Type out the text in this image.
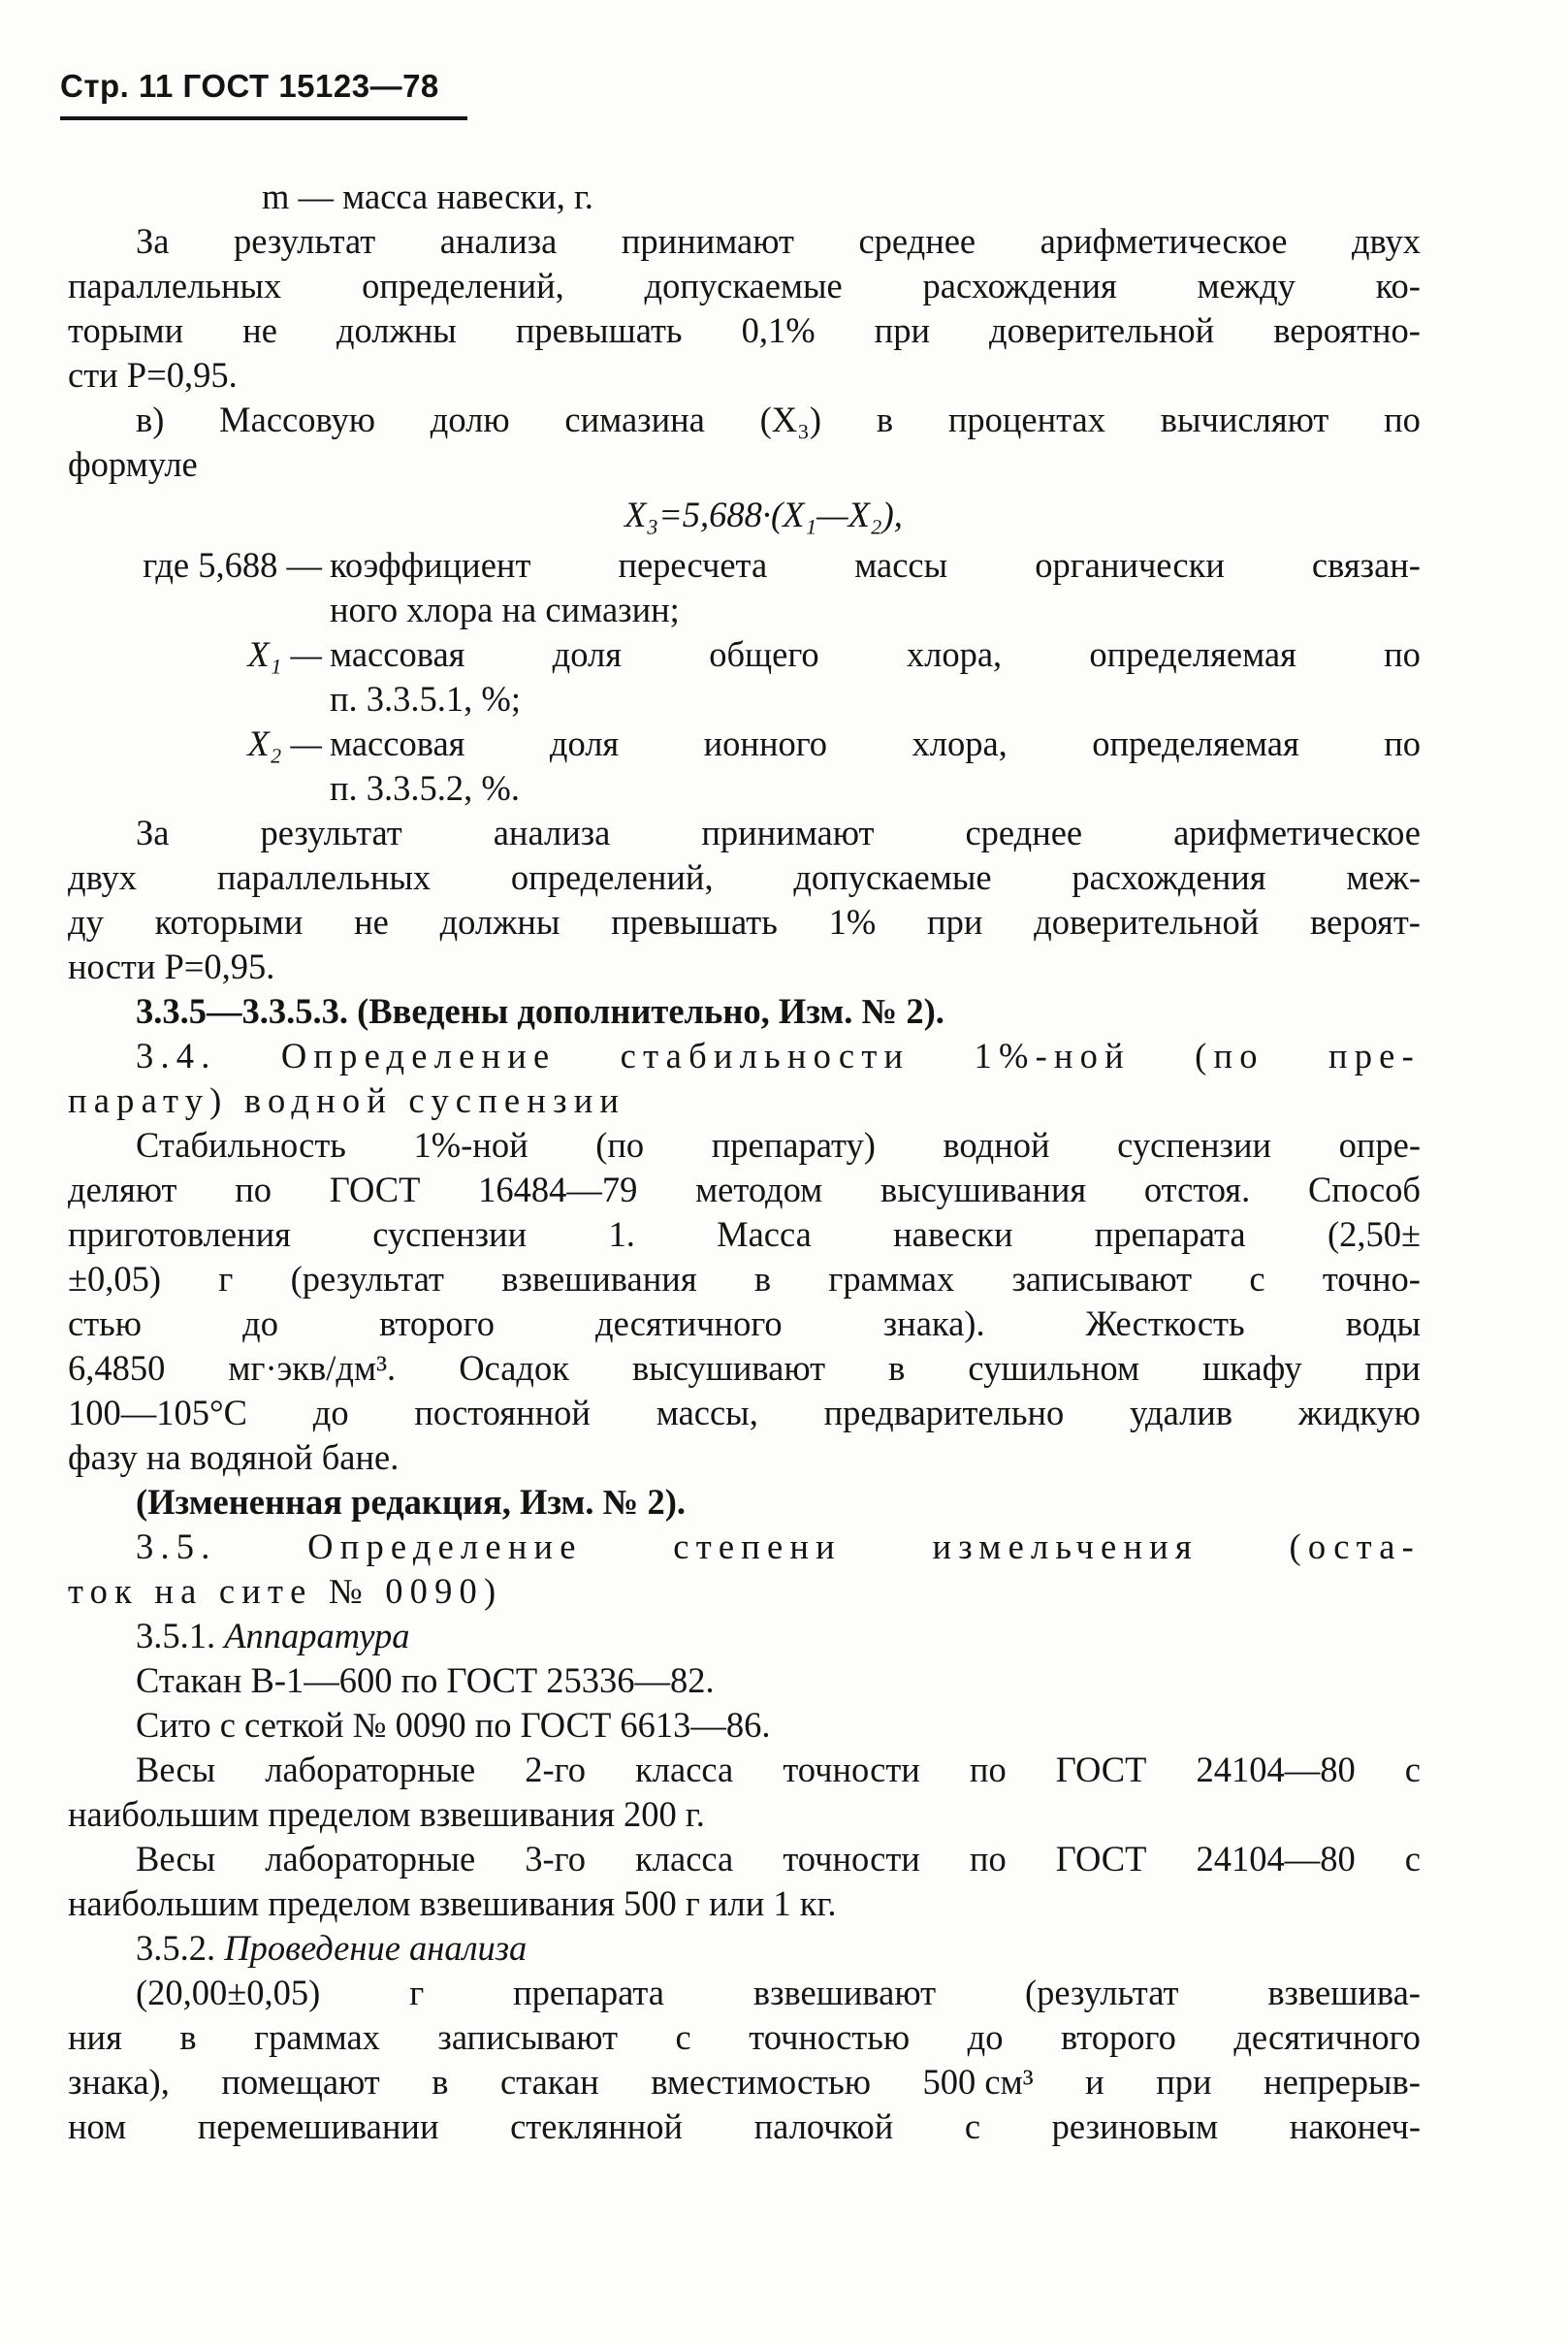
Стр. 11 ГОСТ 15123—78
m — масса навески, г.
За результат анализа принимают среднее арифметическое двух
параллельных определений, допускаемые расхождения между ко-
торыми не должны превышать 0,1% при доверительной вероятно-
сти P=0,95.
в) Массовую долю симазина (X₃) в процентах вычисляют по
формуле
X₃=5,688·(X₁—X₂),
где 5,688 — коэффициент пересчета массы органически связан-
ного хлора на симазин;
X₁ — массовая доля общего хлора, определяемая по
п. 3.3.5.1, %;
X₂ — массовая доля ионного хлора, определяемая по
п. 3.3.5.2, %.
За	результат	анализа	принимают	среднее	арифметическое
двух параллельных определений, допускаемые расхождения меж-
ду которыми не должны превышать 1% при доверительной вероят-
ности P=0,95.
3.3.5—3.3.5.3. (Введены дополнительно, Изм. № 2).
3.4. Определение стабильности 1%-ной (по пре-
парату) водной суспензии
Стабильность 1%-ной (по препарату) водной суспензии опре-
деляют по ГОСТ 16484—79 методом высушивания отстоя. Способ
приготовления суспензии 1. Масса навески препарата (2,50±
±0,05) г (результат взвешивания в граммах записывают с точно-
стью	до	второго	десятичного	знака).	Жесткость	воды
6,4850 мг·экв/дм³. Осадок высушивают в сушильном шкафу при
100—105°C до постоянной массы, предварительно удалив жидкую
фазу на водяной бане.
(Измененная редакция, Изм. № 2).
3.5.	Определение	степени	измельчения	(оста-
ток на сите № 0090)
3.5.1. Аппаратура
Стакан В-1—600 по ГОСТ 25336—82.
Сито с сеткой № 0090 по ГОСТ 6613—86.
Весы лабораторные 2-го класса точности по ГОСТ 24104—80 с
наибольшим пределом взвешивания 200 г.
Весы лабораторные 3-го класса точности по ГОСТ 24104—80 с
наибольшим пределом взвешивания 500 г или 1 кг.
3.5.2. Проведение анализа
(20,00±0,05)	г	препарата	взвешивают	(результат	взвешива-
ния в граммах записывают с точностью до второго десятичного
знака), помещают в стакан вместимостью 500 см³ и при непрерыв-
ном перемешивании стеклянной палочкой с резиновым наконеч-
